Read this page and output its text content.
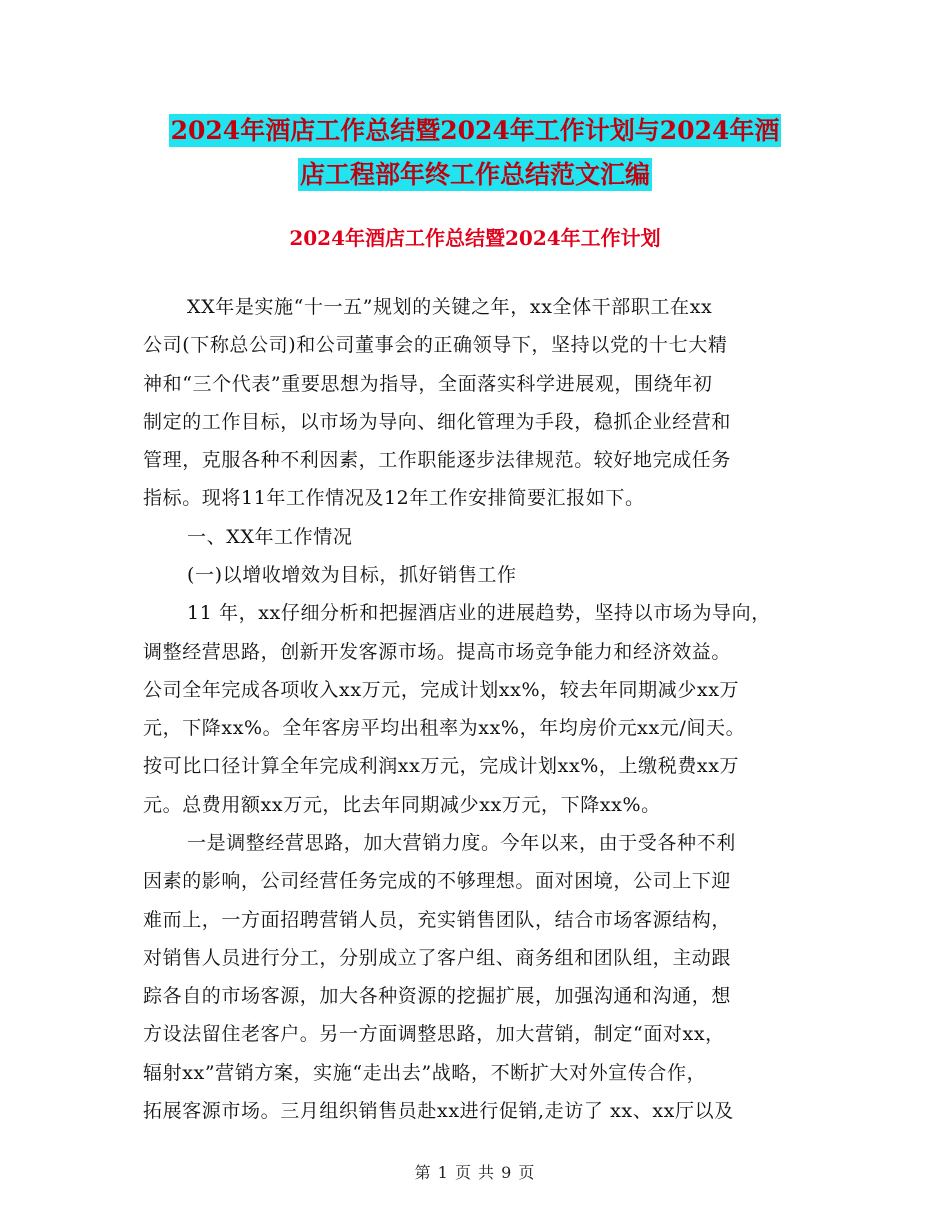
2024年酒店工作总结暨2024年工作计划与2024年酒
店工程部年终工作总结范文汇编
2024年酒店工作总结暨2024年工作计划
XX年是实施“十一五”规划的关键之年，xx全体干部职工在xx
公司(下称总公司)和公司董事会的正确领导下，坚持以党的十七大精
神和“三个代表”重要思想为指导，全面落实科学进展观，围绕年初
制定的工作目标，以市场为导向、细化管理为手段，稳抓企业经营和
管理，克服各种不利因素，工作职能逐步法律规范。较好地完成任务
指标。现将11年工作情况及12年工作安排简要汇报如下。
一、XX年工作情况
(一)以增收增效为目标，抓好销售工作
11 年，xx仔细分析和把握酒店业的进展趋势，坚持以市场为导向，
调整经营思路，创新开发客源市场。提高市场竞争能力和经济效益。
公司全年完成各项收入xx万元，完成计划xx%，较去年同期减少xx万
元，下降xx%。全年客房平均出租率为xx%，年均房价元xx元/间天。
按可比口径计算全年完成利润xx万元，完成计划xx%，上缴税费xx万
元。总费用额xx万元，比去年同期减少xx万元，下降xx%。
一是调整经营思路，加大营销力度。今年以来，由于受各种不利
因素的影响，公司经营任务完成的不够理想。面对困境，公司上下迎
难而上，一方面招聘营销人员，充实销售团队，结合市场客源结构，
对销售人员进行分工，分别成立了客户组、商务组和团队组，主动跟
踪各自的市场客源，加大各种资源的挖掘扩展，加强沟通和沟通，想
方设法留住老客户。另一方面调整思路，加大营销，制定“面对xx，
辐射xx”营销方案，实施“走出去”战略，不断扩大对外宣传合作，
拓展客源市场。三月组织销售员赴xx进行促销,走访了 xx、xx厅以及
第 1 页 共 9 页
